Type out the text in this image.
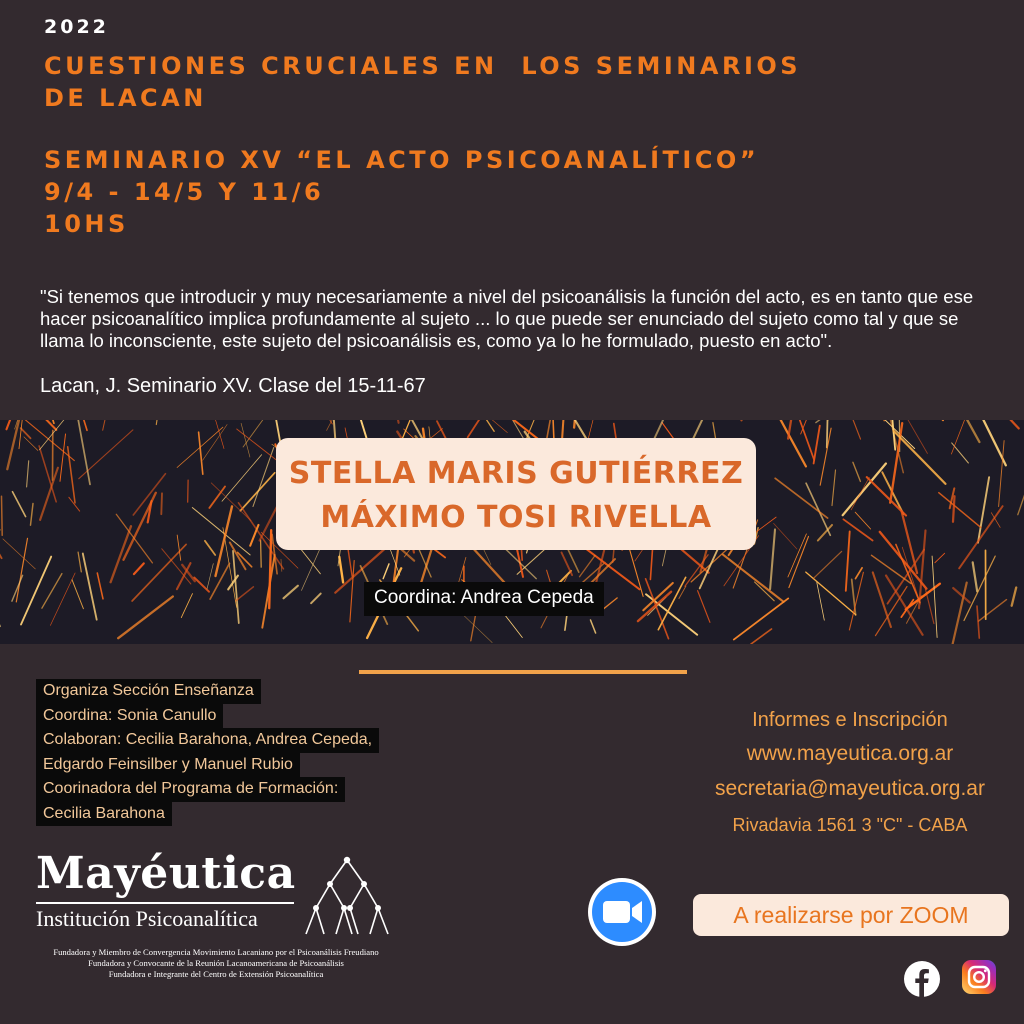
2022
CUESTIONES CRUCIALES EN  LOS SEMINARIOS
DE LACAN
SEMINARIO XV “EL ACTO PSICOANALÍTICO”
9/4 - 14/5 Y 11/6
10HS
"Si tenemos que introducir y muy necesariamente a nivel del psicoanálisis la función del acto, es en tanto que ese hacer psicoanalítico implica profundamente al sujeto ... lo que puede ser enunciado del sujeto como tal y que se llama lo inconsciente, este sujeto del psicoanálisis es, como ya lo he formulado, puesto en acto".
Lacan, J. Seminario XV. Clase del 15-11-67
STELLA MARIS GUTIÉRREZ
MÁXIMO TOSI RIVELLA
Coordina: Andrea Cepeda
Organiza Sección Enseñanza
Coordina: Sonia Canullo
Colaboran: Cecilia Barahona, Andrea Cepeda,
Edgardo Feinsilber y Manuel Rubio
Coorinadora del Programa de Formación:
Cecilia Barahona
Informes e Inscripción
www.mayeutica.org.ar
secretaria@mayeutica.org.ar
Rivadavia 1561 3 "C" - CABA
Mayéutica
Institución Psicoanalítica
Fundadora y Miembro de Convergencia Movimiento Lacaniano por el Psicoanálisis Freudiano
Fundadora y Convocante de la Reunión Lacanoamericana de Psicoanálisis
Fundadora e Integrante del Centro de Extensión Psicoanalítica
A realizarse por ZOOM
